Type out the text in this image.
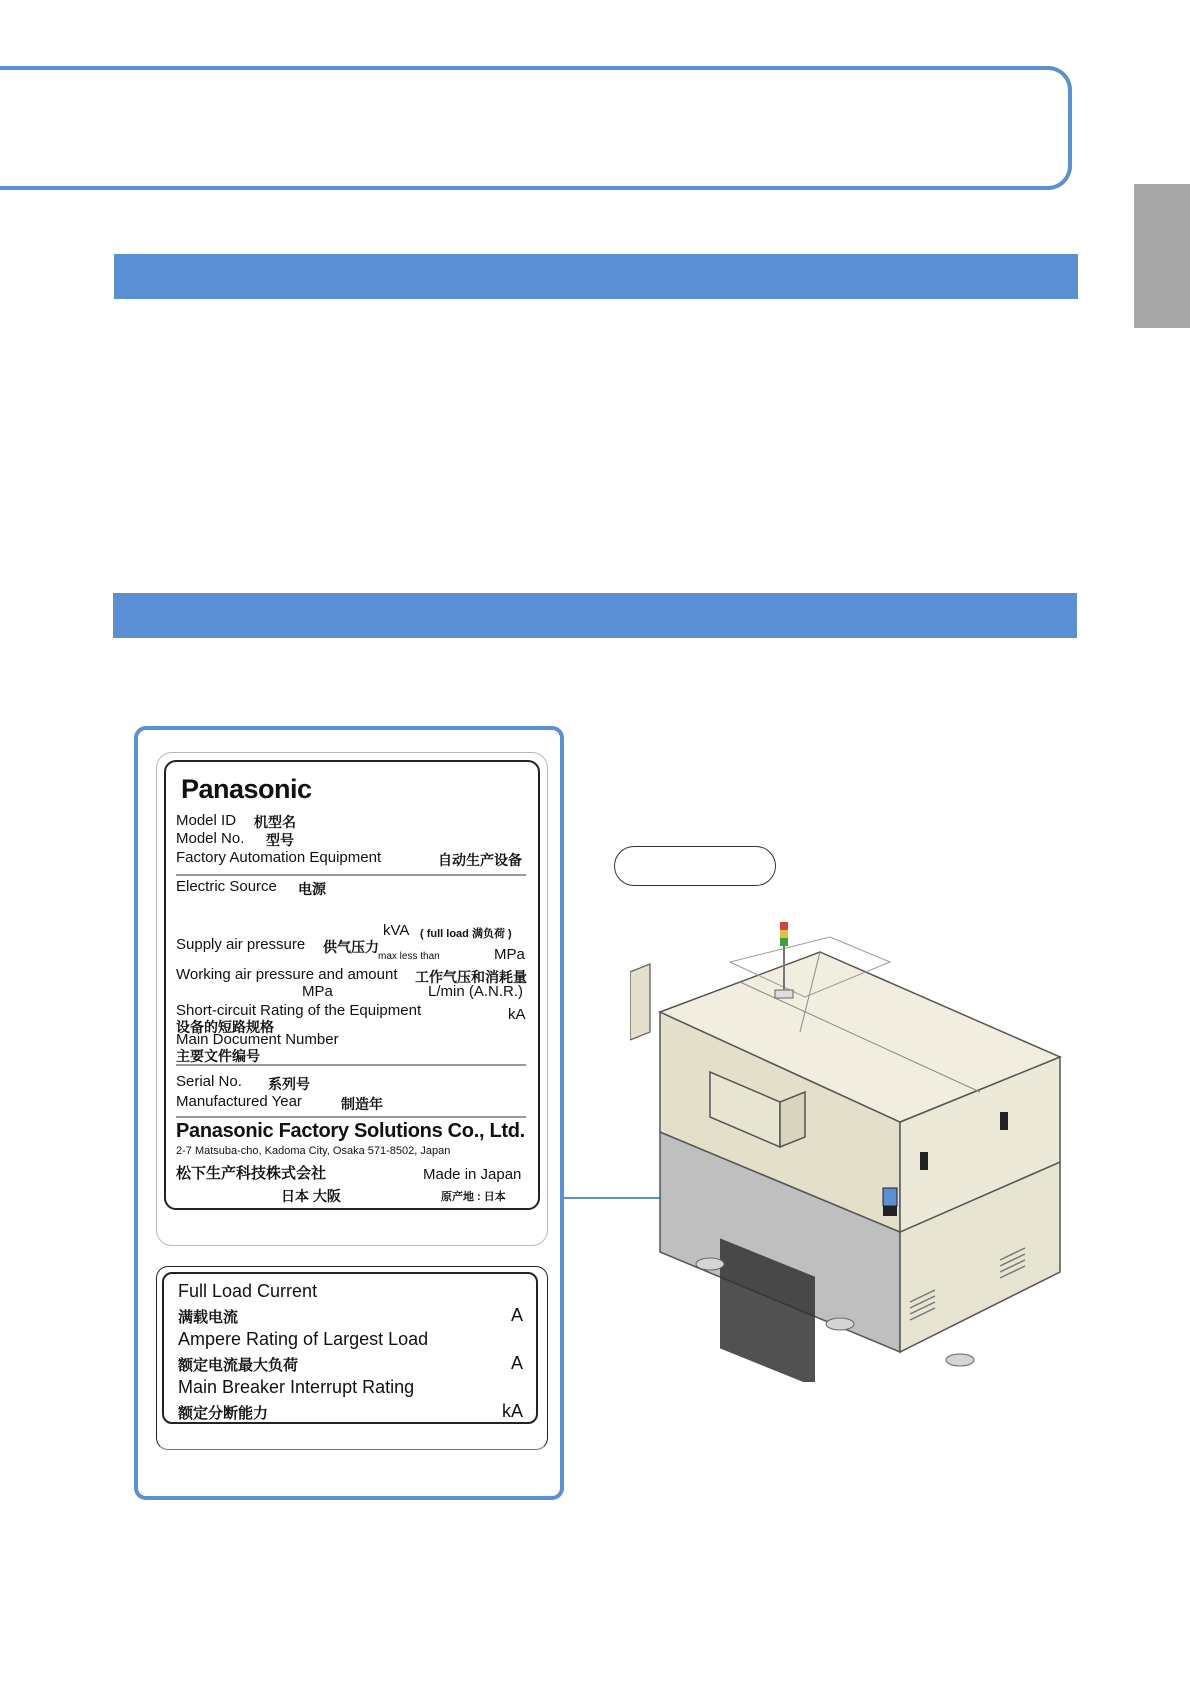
Panasonic
Model ID 机型名
Model No. 型号
Factory Automation Equipment	自动生产设备
Electric Source 电源
kVA ( full load 满负荷 )
Supply air pressure 供气压力
max less than	MPa
Working air pressure and amount 工作气压和消耗量
MPa	L/min (A.N.R.)
Short-circuit Rating of the Equipment	kA
设备的短路规格
Main Document Number
主要文件编号
Serial No. 系列号
Manufactured Year	制造年
Panasonic Factory Solutions Co., Ltd.
2-7 Matsuba-cho, Kadoma City, Osaka 571-8502, Japan
松下生产科技株式会社	Made in Japan
日本 大阪	原产地 : 日本
Full Load Current
满载电流	A
Ampere Rating of Largest Load
额定电流最大负荷	A
Main Breaker Interrupt Rating
额定分断能力	kA
